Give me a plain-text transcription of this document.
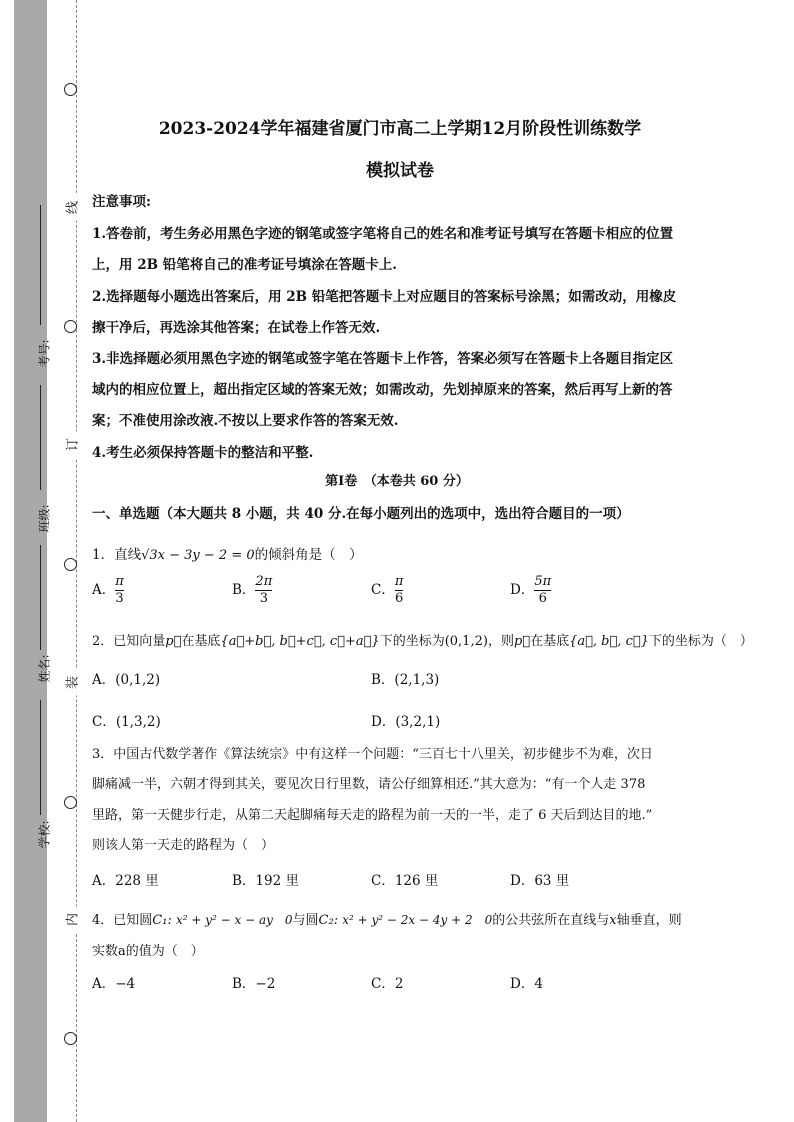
线
订
装
内
考号:
班级:
姓名:
学校:
2023-2024学年福建省厦门市高二上学期12月阶段性训练数学
模拟试卷
注意事项:
1.答卷前，考生务必用黑色字迹的钢笔或签字笔将自己的姓名和准考证号填写在答题卡相应的位置
上，用 2B 铅笔将自己的准考证号填涂在答题卡上.
2.选择题每小题选出答案后，用 2B 铅笔把答题卡上对应题目的答案标号涂黑；如需改动，用橡皮
擦干净后，再选涂其他答案；在试卷上作答无效.
3.非选择题必须用黑色字迹的钢笔或签字笔在答题卡上作答，答案必须写在答题卡上各题目指定区
域内的相应位置上，超出指定区域的答案无效；如需改动，先划掉原来的答案，然后再写上新的答
案；不准使用涂改液.不按以上要求作答的答案无效.
4.考生必须保持答题卡的整洁和平整.
第Ⅰ卷　（本卷共 60 分）
一、单选题（本大题共 8 小题，共 40 分.在每小题列出的选项中，选出符合题目的一项）
1．直线√3x − 3y − 2 = 0的倾斜角是（　）
A． $\frac{\pi}{3}$	B． $\frac{2\pi}{3}$	C． $\frac{\pi}{6}$	D． $\frac{5\pi}{6}$
2．已知向量p⃗在基底{a⃗+b⃗, b⃗+c⃗, c⃗+a⃗}下的坐标为(0,1,2)，则p⃗在基底{a⃗, b⃗, c⃗}下的坐标为（　）
A．(0,1,2)	B．(2,1,3)
C．(1,3,2)	D．(3,2,1)
3．中国古代数学著作《算法统宗》中有这样一个问题：“三百七十八里关，初步健步不为难，次日
脚痛减一半，六朝才得到其关，要见次日行里数，请公仔细算相还.”其大意为：“有一个人走 378
里路，第一天健步行走，从第二天起脚痛每天走的路程为前一天的一半，走了 6 天后到达目的地.”
则该人第一天走的路程为（　）
A．228 里	B．192 里	C．126 里	D．63 里
4．已知圆C₁: x² + y² − x − ay　0与圆C₂: x² + y² − 2x − 4y + 2　0的公共弦所在直线与x轴垂直，则
实数a的值为（　）
A．−4	B．−2	C．2	D．4
